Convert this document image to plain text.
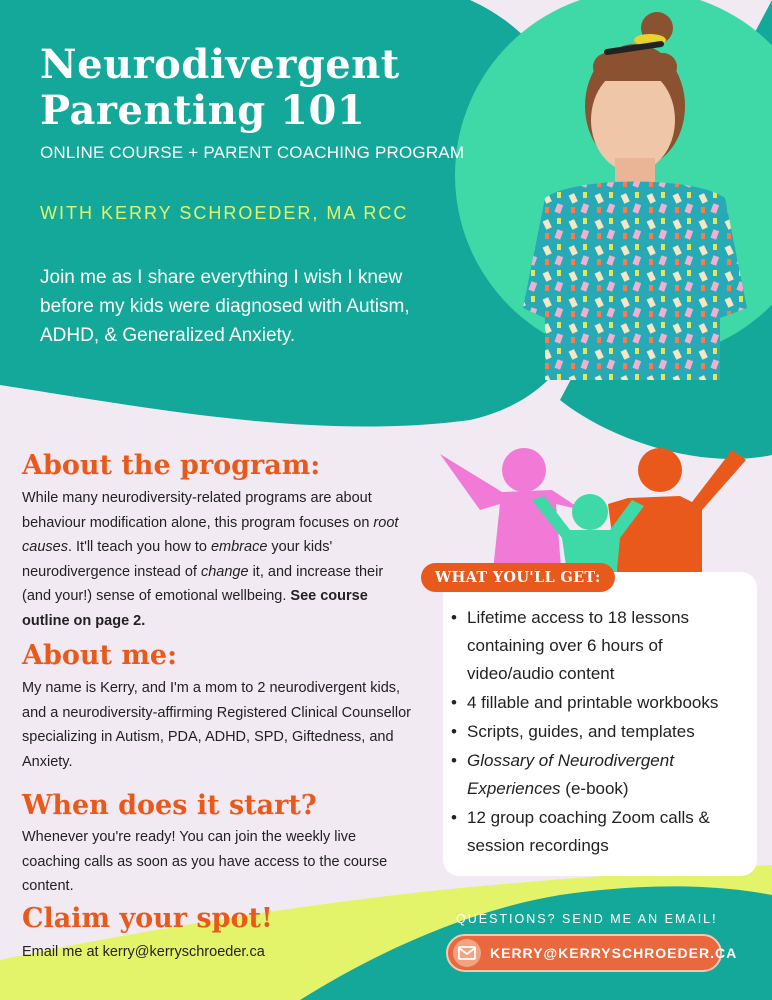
Neurodivergent
Parenting 101
ONLINE COURSE + PARENT COACHING PROGRAM
WITH KERRY SCHROEDER, MA RCC
Join me as I share everything I wish I knew before my kids were diagnosed with Autism, ADHD, & Generalized Anxiety.
About the program:
While many neurodiversity-related programs are about behaviour modification alone, this program focuses on root causes. It'll teach you how to embrace your kids' neurodivergence instead of change it, and increase their (and your!) sense of emotional wellbeing. See course outline on page 2.
About me:
My name is Kerry, and I'm a mom to 2 neurodivergent kids, and a neurodiversity-affirming Registered Clinical Counsellor specializing in Autism, PDA, ADHD, SPD, Giftedness, and Anxiety.
When does it start?
Whenever you're ready! You can join the weekly live coaching calls as soon as you have access to the course content.
Claim your spot!
Email me at kerry@kerryschroeder.ca
WHAT YOU'LL GET:
• Lifetime access to 18 lessons containing over 6 hours of video/audio content
• 4 fillable and printable workbooks
• Scripts, guides, and templates
• Glossary of Neurodivergent Experiences (e-book)
• 12 group coaching Zoom calls & session recordings
QUESTIONS? SEND ME AN EMAIL!
KERRY@KERRYSCHROEDER.CA
